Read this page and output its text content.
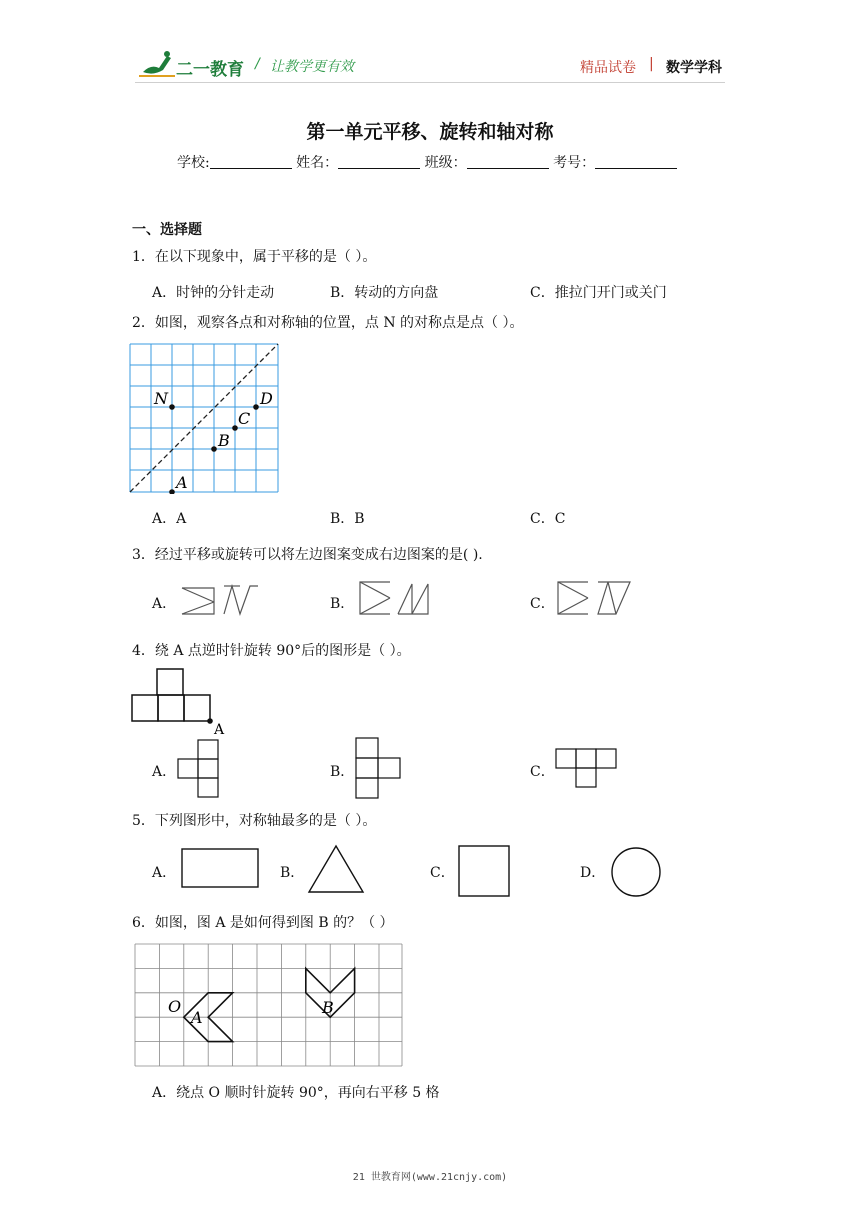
二一教育 / 让教学更有效	精品试卷 | 数学学科
第一单元平移、旋转和轴对称
学校:	姓名：	班级：	考号：
一、选择题
1．在以下现象中，属于平移的是（ ）。
A．时钟的分针走动	B．转动的方向盘	C．推拉门开门或关门
2．如图，观察各点和对称轴的位置，点 N 的对称点是点（ ）。
N	D
C
B
A
A．A	B．B	C．C
3．经过平移或旋转可以将左边图案变成右边图案的是( ).
A．	B．	C．
4．绕 A 点逆时针旋转 90°后的图形是（ ）。
A
A．	B．	C．
5．下列图形中，对称轴最多的是（ ）。
A．	B．	C．	D．
6．如图，图 A 是如何得到图 B 的？（ ）
O
A
B
A．绕点 O 顺时针旋转 90°，再向右平移 5 格
21 世教育网(www.21cnjy.com)
